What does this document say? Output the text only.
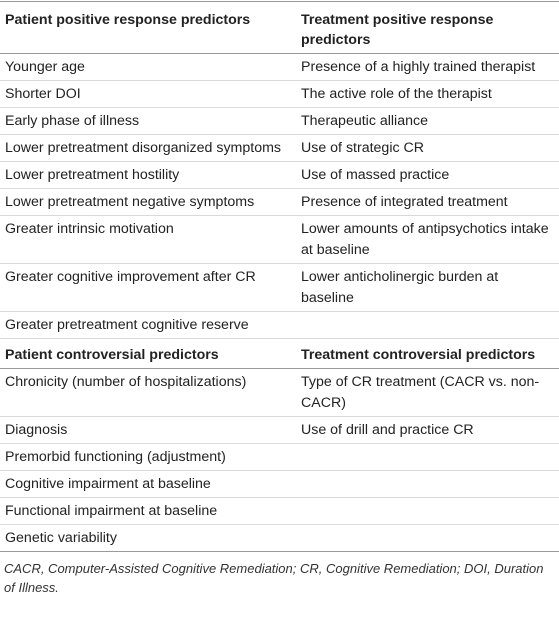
Patient positive response predictors	Treatment positive response predictors
Younger age	Presence of a highly trained therapist
Shorter DOI	The active role of the therapist
Early phase of illness	Therapeutic alliance
Lower pretreatment disorganized symptoms	Use of strategic CR
Lower pretreatment hostility	Use of massed practice
Lower pretreatment negative symptoms	Presence of integrated treatment
Greater intrinsic motivation	Lower amounts of antipsychotics intake at baseline
Greater cognitive improvement after CR	Lower anticholinergic burden at baseline
Greater pretreatment cognitive reserve	
Patient controversial predictors	Treatment controversial predictors
Chronicity (number of hospitalizations)	Type of CR treatment (CACR vs. non-CACR)
Diagnosis	Use of drill and practice CR
Premorbid functioning (adjustment)	
Cognitive impairment at baseline	
Functional impairment at baseline	
Genetic variability	
CACR, Computer-Assisted Cognitive Remediation; CR, Cognitive Remediation; DOI, Duration of Illness.
